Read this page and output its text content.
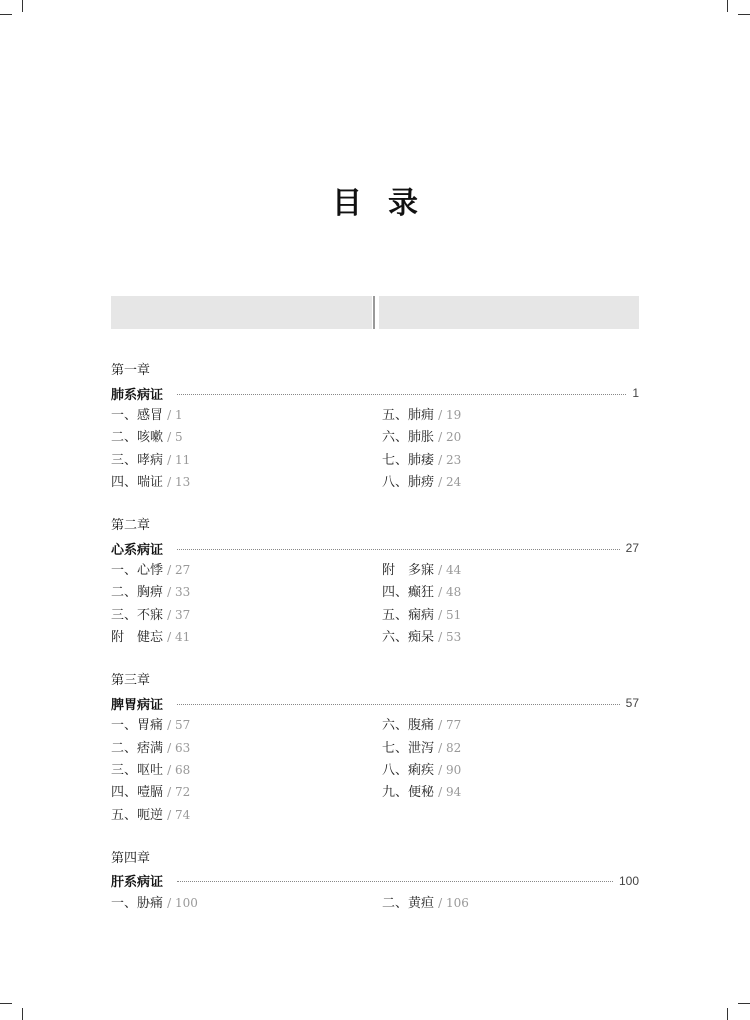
目录
第一章
肺系病证	1
一、感冒 / 1	五、肺痈 / 19
二、咳嗽 / 5	六、肺胀 / 20
三、哮病 / 11	七、肺痿 / 23
四、喘证 / 13	八、肺痨 / 24
第二章
心系病证	27
一、心悸 / 27	附　多寐 / 44
二、胸痹 / 33	四、癫狂 / 48
三、不寐 / 37	五、痫病 / 51
附　健忘 / 41	六、痴呆 / 53
第三章
脾胃病证	57
一、胃痛 / 57	六、腹痛 / 77
二、痞满 / 63	七、泄泻 / 82
三、呕吐 / 68	八、痢疾 / 90
四、噎膈 / 72	九、便秘 / 94
五、呃逆 / 74
第四章
肝系病证	100
一、胁痛 / 100	二、黄疸 / 106
